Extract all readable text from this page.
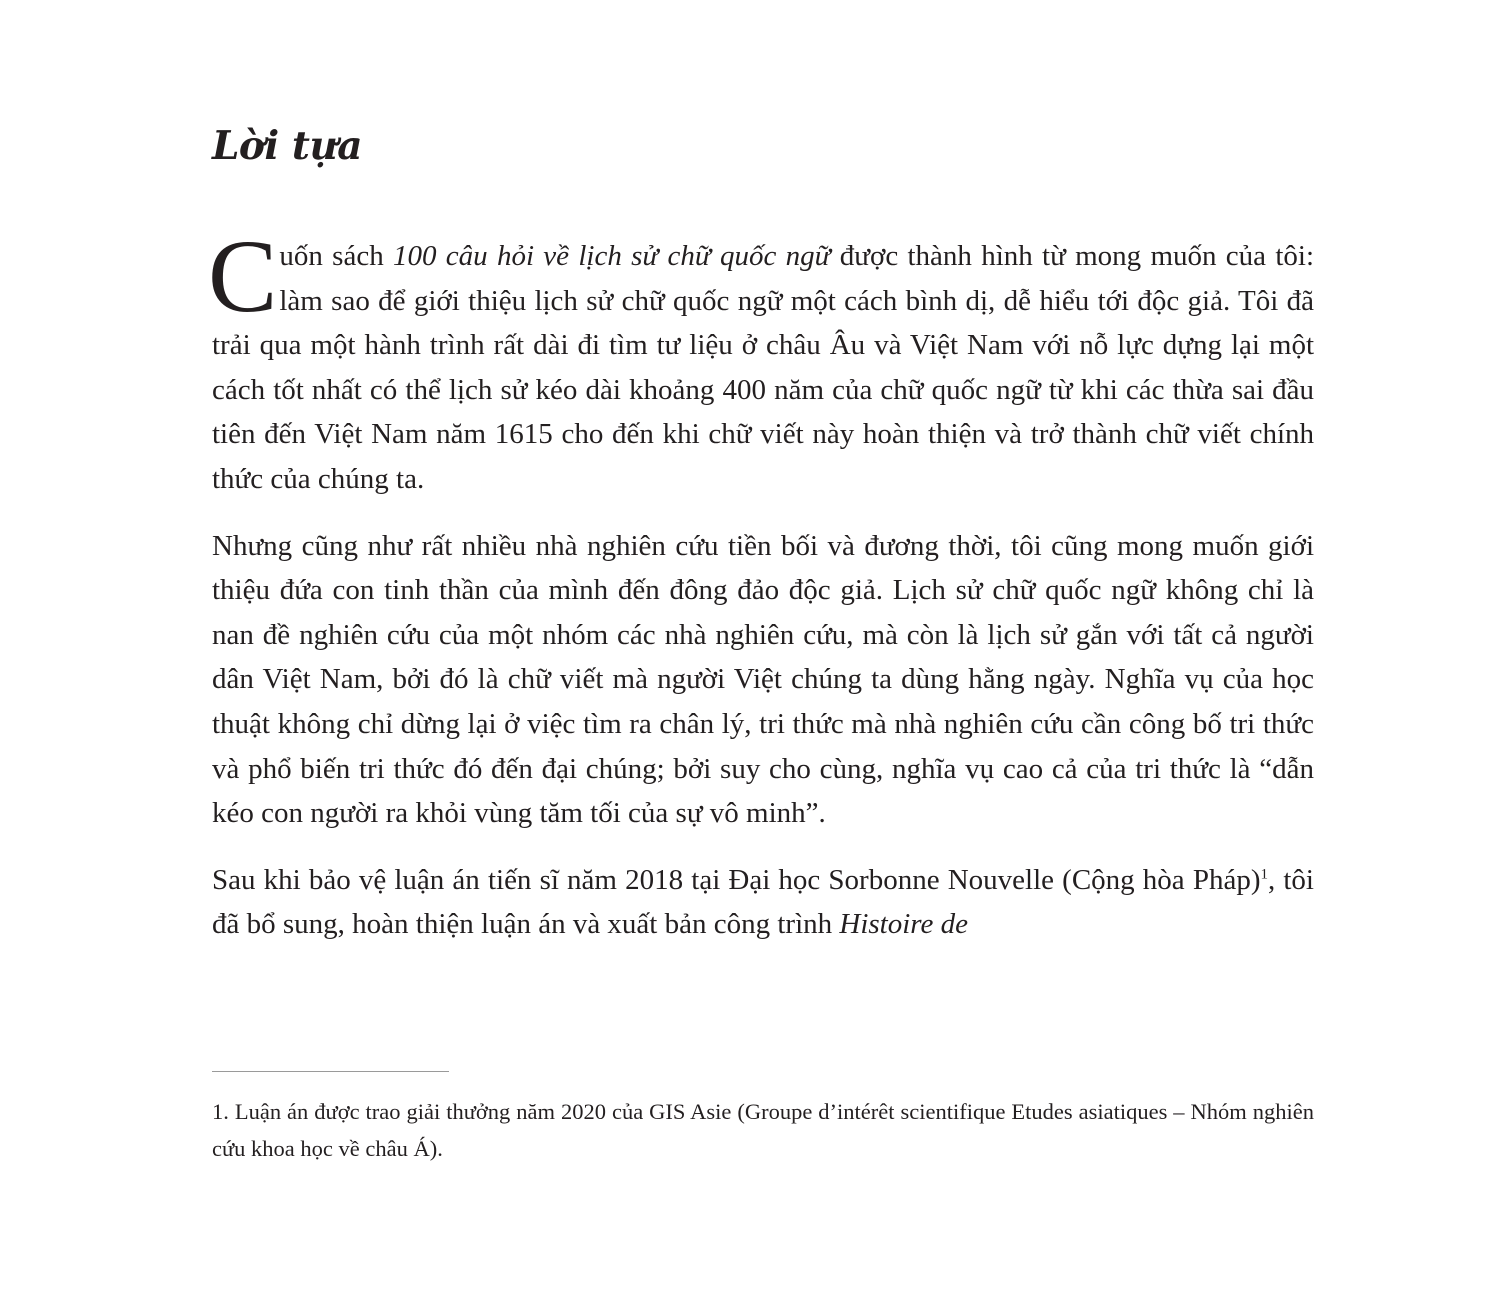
Lời tựa

Cuốn sách 100 câu hỏi về lịch sử chữ quốc ngữ được thành hình từ mong muốn của tôi: làm sao để giới thiệu lịch sử chữ quốc ngữ một cách bình dị, dễ hiểu tới độc giả. Tôi đã trải qua một hành trình rất dài đi tìm tư liệu ở châu Âu và Việt Nam với nỗ lực dựng lại một cách tốt nhất có thể lịch sử kéo dài khoảng 400 năm của chữ quốc ngữ từ khi các thừa sai đầu tiên đến Việt Nam năm 1615 cho đến khi chữ viết này hoàn thiện và trở thành chữ viết chính thức của chúng ta.

Nhưng cũng như rất nhiều nhà nghiên cứu tiền bối và đương thời, tôi cũng mong muốn giới thiệu đứa con tinh thần của mình đến đông đảo độc giả. Lịch sử chữ quốc ngữ không chỉ là nan đề nghiên cứu của một nhóm các nhà nghiên cứu, mà còn là lịch sử gắn với tất cả người dân Việt Nam, bởi đó là chữ viết mà người Việt chúng ta dùng hằng ngày. Nghĩa vụ của học thuật không chỉ dừng lại ở việc tìm ra chân lý, tri thức mà nhà nghiên cứu cần công bố tri thức và phổ biến tri thức đó đến đại chúng; bởi suy cho cùng, nghĩa vụ cao cả của tri thức là “dẫn kéo con người ra khỏi vùng tăm tối của sự vô minh”.

Sau khi bảo vệ luận án tiến sĩ năm 2018 tại Đại học Sorbonne Nouvelle (Cộng hòa Pháp)$^1$, tôi đã bổ sung, hoàn thiện luận án và xuất bản công trình Histoire de

1. Luận án được trao giải thưởng năm 2020 của GIS Asie (Groupe d’intérêt scientifique Etudes asiatiques – Nhóm nghiên cứu khoa học về châu Á).
